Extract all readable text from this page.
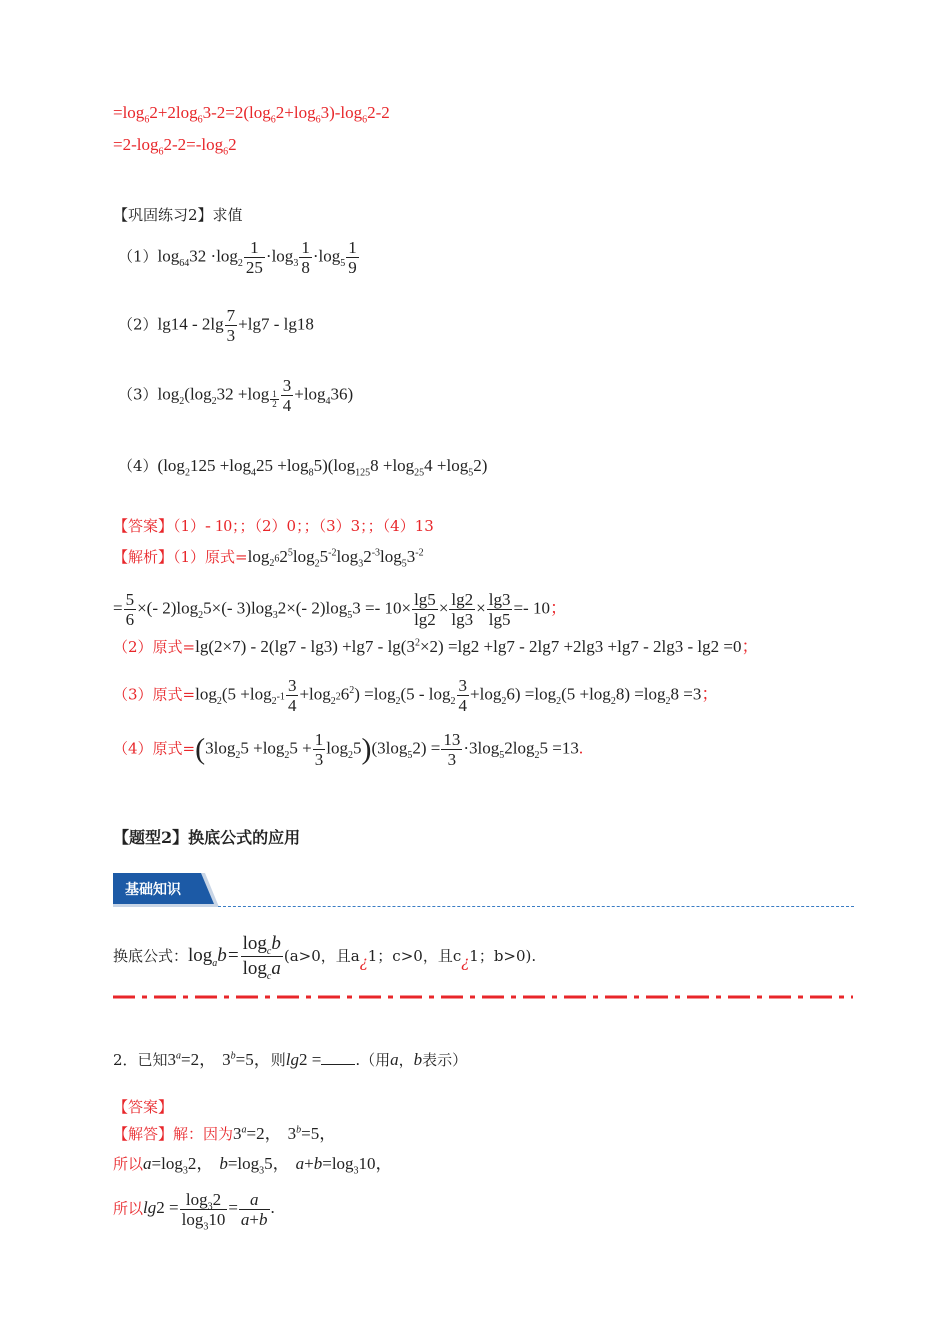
$=\log_62+2\log_63-2=2(\log_62+\log_63)-\log_62-2$
$=2-\log_62-2=-\log_62$
【巩固练习2】求值
$(1)\log_{64}32 \cdot\log_2 \frac{1}{25} \cdot\log_3 \frac{1}{8} \cdot\log_5 \frac{1}{9}$
$(2)\lg 14 - 2\lg \frac{7}{3} +\lg 7 - \lg 18$
$(3)\log_2(\log_232 +\log \frac{1}{2} \frac{3}{4} +\log_436)$
$(4)(\log_2125 +\log_425 +\log_85)(\log_{125}8 +\log_{25}4 +\log_52)$
【答案】（1）- 10；；（2）0；；（3）3；；（4）13
【解析】（1）原式$=\log_{2^6}2^5\log_25^{-2}\log_32^{-3}\log_53^{-2}$
= $\frac{5}{6}$ ×(- $2)\log_25\times(-$ $3)\log_32\times(-$ $2)\log_53 =- 10\times \frac{\lg 5}{\lg 2} \times \frac{\lg 2}{\lg 3} \times \frac{\lg 3}{\lg 5} =- 10$；
（2）原式$=\lg(2\times 7) - 2(\lg 7 - \lg 3) +\lg 7 - \lg(3^2\times 2) =\lg 2 +\lg 7 - 2\lg 7 +2\lg 3 +\lg 7 - 2\lg 3 - \lg 2 =0$；
（3）原式$=\log_2(5 +\log_{2^{-1}} \frac{3}{4} +\log_{2^2}6^2) =\log_2(5 - \log_2 \frac{3}{4} +\log_26) =\log_2(5 +\log_28) =\log_28 =3$；
（4）原式$=(3\log_25 +\log_25 + \frac{1}{3} \log_25)(3\log_52) = \frac{13}{3} \cdot 3\log_52\log_25 =13$.
【题型2】换底公式的应用
基础知识
换底公式：$\log_ab= \frac{\log_cb}{\log_ca} (a>0$，且a¿1；c>0，且c¿1；b>0).
2．已知$3^a=2$， $3^b=5$，则lg2 = .（用a，b表示）
【答案】
【解答】解：因为$3^a=2$， $3^b=5$，
所以$a=\log_32$， $b=\log_35$， $a+b=\log_310$，
所以$\lg 2 = \frac{\log_32}{\log_310} = \frac{a}{a+b}$ .
